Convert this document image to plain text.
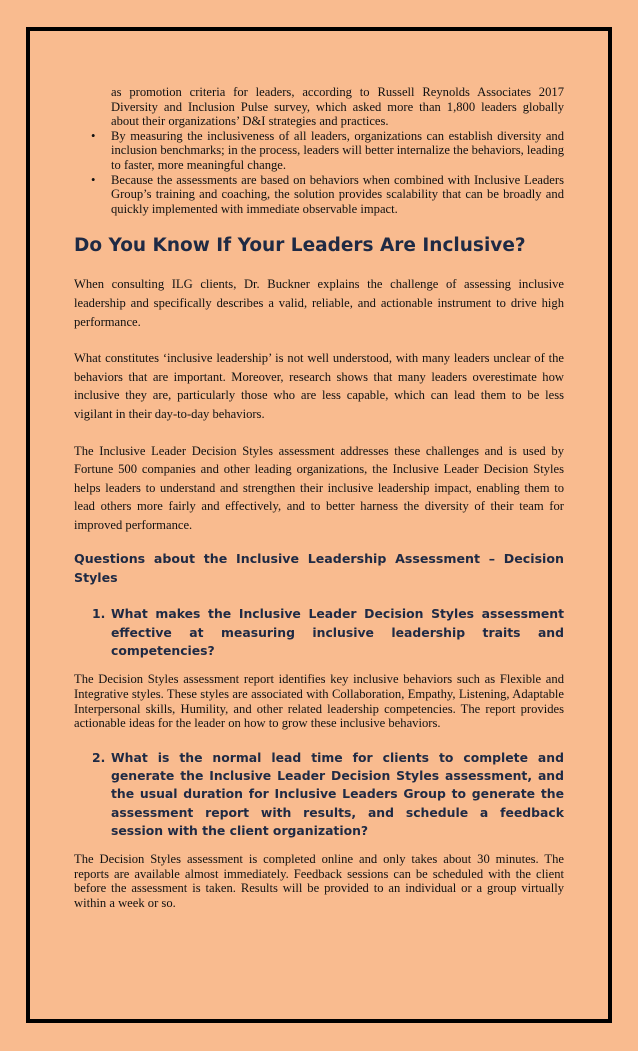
as promotion criteria for leaders, according to Russell Reynolds Associates 2017 Diversity and Inclusion Pulse survey, which asked more than 1,800 leaders globally about their organizations’ D&I strategies and practices.
• By measuring the inclusiveness of all leaders, organizations can establish diversity and inclusion benchmarks; in the process, leaders will better internalize the behaviors, leading to faster, more meaningful change.
• Because the assessments are based on behaviors when combined with Inclusive Leaders Group’s training and coaching, the solution provides scalability that can be broadly and quickly implemented with immediate observable impact.
Do You Know If Your Leaders Are Inclusive?

When consulting ILG clients, Dr. Buckner explains the challenge of assessing inclusive leadership and specifically describes a valid, reliable, and actionable instrument to drive high performance.

What constitutes ‘inclusive leadership’ is not well understood, with many leaders unclear of the behaviors that are important. Moreover, research shows that many leaders overestimate how inclusive they are, particularly those who are less capable, which can lead them to be less vigilant in their day-to-day behaviors.

The Inclusive Leader Decision Styles assessment addresses these challenges and is used by Fortune 500 companies and other leading organizations, the Inclusive Leader Decision Styles helps leaders to understand and strengthen their inclusive leadership impact, enabling them to lead others more fairly and effectively, and to better harness the diversity of their team for improved performance.

Questions about the Inclusive Leadership Assessment – Decision Styles
1. What makes the Inclusive Leader Decision Styles assessment effective at measuring inclusive leadership traits and competencies?

The Decision Styles assessment report identifies key inclusive behaviors such as Flexible and Integrative styles. These styles are associated with Collaboration, Empathy, Listening, Adaptable Interpersonal skills, Humility, and other related leadership competencies. The report provides actionable ideas for the leader on how to grow these inclusive behaviors.

2. What is the normal lead time for clients to complete and generate the Inclusive Leader Decision Styles assessment, and the usual duration for Inclusive Leaders Group to generate the assessment report with results, and schedule a feedback session with the client organization?

The Decision Styles assessment is completed online and only takes about 30 minutes. The reports are available almost immediately. Feedback sessions can be scheduled with the client before the assessment is taken. Results will be provided to an individual or a group virtually within a week or so.
